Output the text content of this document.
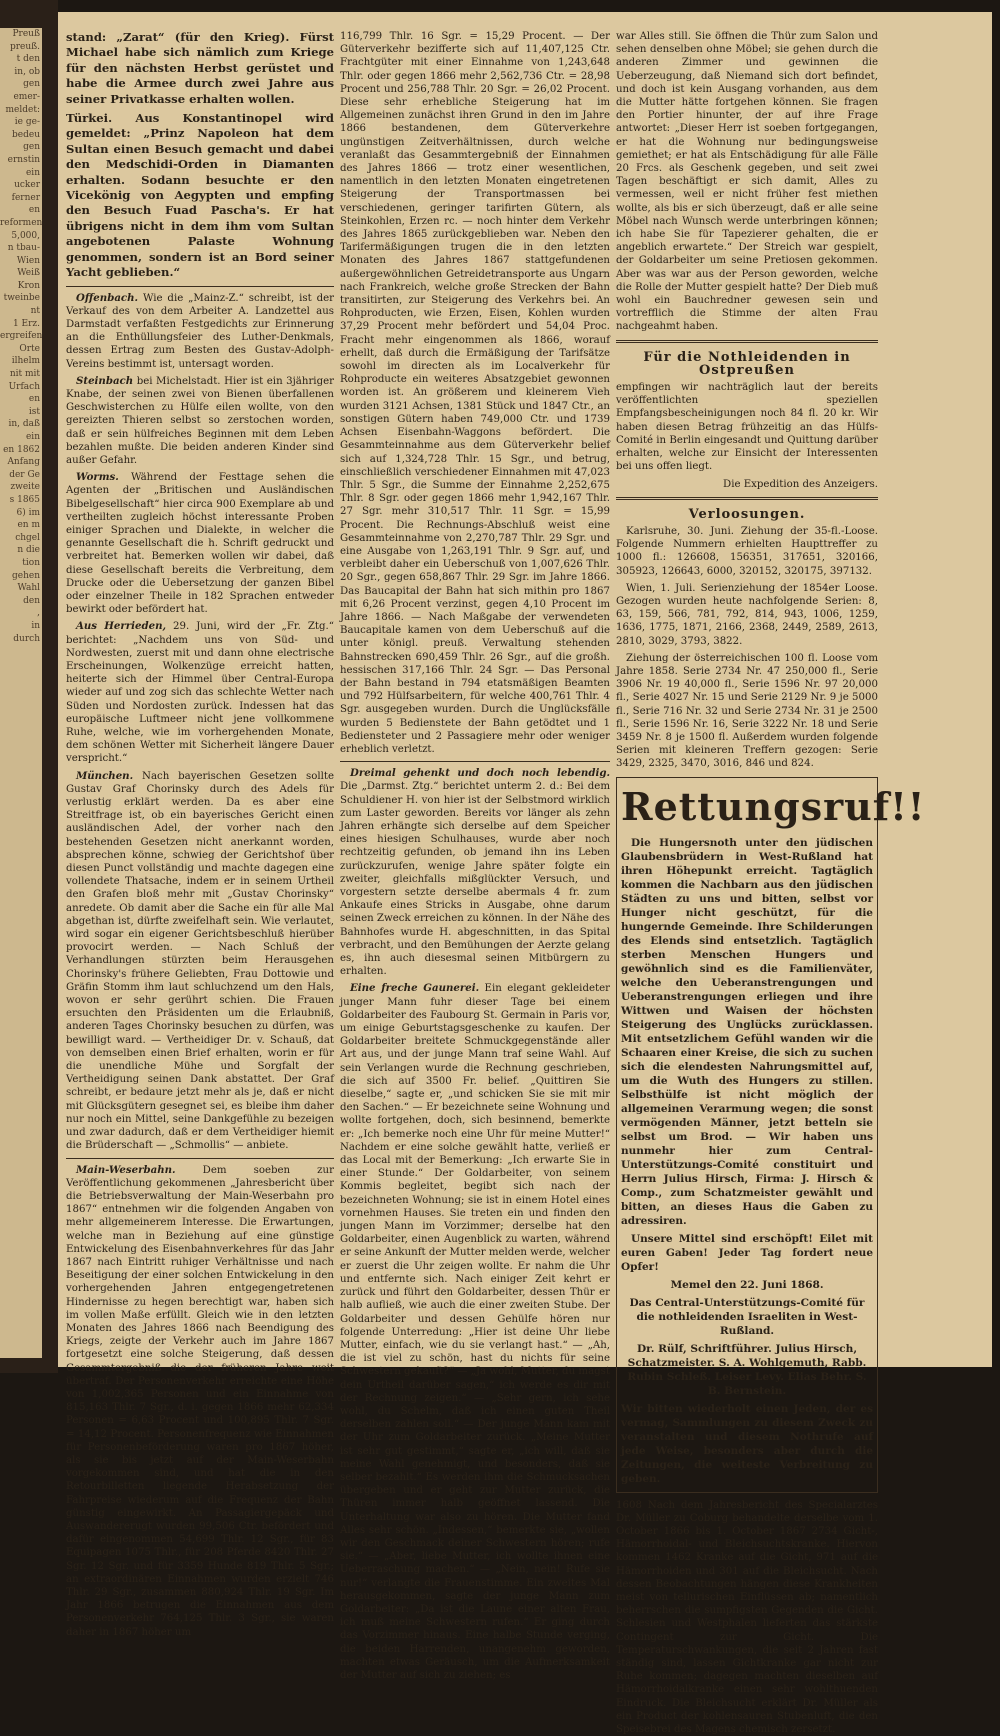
Preuß
preuß.
t den
in, ob
gen
emer-
meldet:
ie ge-
bedeu
gen
ernstin
ein
ucker
ferner
en
reformen
5,000,
n tbau-
Wien
Weiß
Kron
tweinbe
nt
1 Erz.
ergreifen
Orte
ilhelm
nit mit
Urfach
en
ist
in, daß
ein
en 1862
Anfang
der Ge
zweite
s 1865
6) im
en m
chgel
n die
tion
gehen
Wahl
den
,
in
durch

stand: „Zarat“ (für den Krieg). Fürst Michael habe sich nämlich zum Kriege für den nächsten Herbst gerüstet und habe die Armee durch zwei Jahre aus seiner Privatkasse erhalten wollen.

Türkei. Aus Konstantinopel wird gemeldet: „Prinz Napoleon hat dem Sultan einen Besuch gemacht und dabei den Medschidi-Orden in Diamanten erhalten. Sodann besuchte er den Vicekönig von Aegypten und empfing den Besuch Fuad Pascha's. Er hat übrigens nicht in dem ihm vom Sultan angebotenen Palaste Wohnung genommen, sondern ist an Bord seiner Yacht geblieben.“

Offenbach. Wie die „Mainz-Z.“ schreibt, ist der Verkauf des von dem Arbeiter A. Landzettel aus Darmstadt verfaßten Festgedichts zur Erinnerung an die Enthüllungsfeier des Luther-Denkmals, dessen Ertrag zum Besten des Gustav-Adolph-Vereins bestimmt ist, untersagt worden.

Steinbach bei Michelstadt. Hier ist ein 3jähriger Knabe, der seinen zwei von Bienen überfallenen Geschwisterchen zu Hülfe eilen wollte, von den gereizten Thieren selbst so zerstochen worden, daß er sein hülfreiches Beginnen mit dem Leben bezahlen mußte. Die beiden anderen Kinder sind außer Gefahr.

Worms. Während der Festtage sehen die Agenten der „Britischen und Ausländischen Bibelgesellschaft“ hier circa 900 Exemplare ab und vertheilten zugleich höchst interessante Proben einiger Sprachen und Dialekte, in welcher die genannte Gesellschaft die h. Schrift gedruckt und verbreitet hat. Bemerken wollen wir dabei, daß diese Gesellschaft bereits die Verbreitung, dem Drucke oder die Uebersetzung der ganzen Bibel oder einzelner Theile in 182 Sprachen entweder bewirkt oder befördert hat.

Aus Herrieden, 29. Juni, wird der „Fr. Ztg.“ berichtet: „Nachdem uns von Süd- und Nordwesten, zuerst mit und dann ohne electrische Erscheinungen, Wolkenzüge erreicht hatten, heiterte sich der Himmel über Central-Europa wieder auf und zog sich das schlechte Wetter nach Süden und Nordosten zurück. Indessen hat das europäische Luftmeer nicht jene vollkommene Ruhe, welche, wie im vorhergehenden Monate, dem schönen Wetter mit Sicherheit längere Dauer verspricht.“

München. Nach bayerischen Gesetzen sollte Gustav Graf Chorinsky durch des Adels für verlustig erklärt werden. Da es aber eine Streitfrage ist, ob ein bayerisches Gericht einen ausländischen Adel, der vorher nach den bestehenden Gesetzen nicht anerkannt worden, absprechen könne, schwieg der Gerichtshof über diesen Punct vollständig und machte dagegen eine vollendete Thatsache, indem er in seinem Urtheil den Grafen bloß mehr mit „Gustav Chorinsky“ anredete. Ob damit aber die Sache ein für alle Mal abgethan ist, dürfte zweifelhaft sein. Wie verlautet, wird sogar ein eigener Gerichtsbeschluß hierüber provocirt werden. — Nach Schluß der Verhandlungen stürzten beim Herausgehen Chorinsky's frühere Geliebten, Frau Dottowie und Gräfin Stomm ihm laut schluchzend um den Hals, wovon er sehr gerührt schien. Die Frauen ersuchten den Präsidenten um die Erlaubniß, anderen Tages Chorinsky besuchen zu dürfen, was bewilligt ward. — Vertheidiger Dr. v. Schauß, dat von demselben einen Brief erhalten, worin er für die unendliche Mühe und Sorgfalt der Vertheidigung seinen Dank abstattet. Der Graf schreibt, er bedaure jetzt mehr als je, daß er nicht mit Glücksgütern gesegnet sei, es bleibe ihm daher nur noch ein Mittel, seine Dankgefühle zu bezeigen und zwar dadurch, daß er dem Vertheidiger hiemit die Brüderschaft — „Schmollis“ — anbiete.

Main-Weserbahn.	Dem soeben zur Veröffentlichung gekommenen „Jahresbericht über die Betriebsverwaltung der Main-Weserbahn pro 1867“ entnehmen wir die folgenden Angaben von mehr allgemeinerem Interesse. Die Erwartungen, welche man in Beziehung auf eine günstige Entwickelung des Eisenbahnverkehres für das Jahr 1867 nach Eintritt ruhiger Verhältnisse und nach Beseitigung der einer solchen Entwickelung in den vorhergehenden Jahren entgegengetretenen Hindernisse zu hegen berechtigt war, haben sich im vollen Maße erfüllt. Gleich wie in den letzten Monaten des Jahres 1866 nach Beendigung des Kriegs, zeigte der Verkehr auch im Jahre 1867 fortgesetzt eine solche Steigerung, daß dessen Gesammtergebniß die der früheren Jahre weit übertraf. Der Personenverkehr erreichte eine Höhe von 1,002,365 Personen und ein Einnahme von 815,163 Thlr. 7 Sgr., d. i. gegen 1866 mehr 62,334 Personen = 6,63 Procent und 100,895 Thlr. 7 Sgr. = 14,12 Procent. Personenfrequenz wie Einnahmen für Personenbeförderung waren pro 1867 höher, als sie bis jetzt auf der Main-Weserbahn vorgekommen sind, und hat die in den Retourbilletten liegende Herabsetzung der Fahrpreise wiederum auf die Frequenz der Bahn günstig eingewirkt. An Passagiergepäck und Auswandererugt wurden 99,506 Ctr. befördert und dafür eingenommen 54,699 Thlr. 12 Sgr., für 83 Equipagen 1075 Thlr., für 208 Pferde 8420 Thlr. 27 Sgr. 12 Sgr. und für 3359 Hunde 819 Thlr. 5 Sgr.; an extraordinären Einnahmen wurden erzielt 746 Thlr. 29 Sgr., zusammen 880,924 Thlr. 19 Sgr. Im Jahr 1866 betrugen die Einnahmen aus dem Personenverkehr 764,125 Thlr. 3 Sgr., sie waren daher in 1867 höher um

116,799 Thlr. 16 Sgr. = 15,29 Procent. — Der Güterverkehr bezifferte sich auf 11,407,125 Ctr. Frachtgüter mit einer Einnahme von 1,243,648 Thlr. oder gegen 1866 mehr 2,562,736 Ctr. = 28,98 Procent und 256,788 Thlr. 20 Sgr. = 26,02 Procent. Diese sehr erhebliche Steigerung hat im Allgemeinen zunächst ihren Grund in den im Jahre 1866 bestandenen, dem Güterverkehre ungünstigen Zeitverhältnissen, durch welche veranlaßt das Gesammtergebniß der Einnahmen des Jahres 1866 — trotz einer wesentlichen, namentlich in den letzten Monaten eingetretenen Steigerung der Transportmassen bei verschiedenen, geringer tarifirten Gütern, als Steinkohlen, Erzen rc. — noch hinter dem Verkehr des Jahres 1865 zurückgeblieben war. Neben den Tarifermäßigungen trugen die in den letzten Monaten des Jahres 1867 stattgefundenen außergewöhnlichen Getreidetransporte aus Ungarn nach Frankreich, welche große Strecken der Bahn transitirten, zur Steigerung des Verkehrs bei. An Rohproducten, wie Erzen, Eisen, Kohlen wurden 37,29 Procent mehr befördert und 54,04 Proc. Fracht mehr eingenommen als 1866, worauf erhellt, daß durch die Ermäßigung der Tarifsätze sowohl im directen als im Localverkehr für Rohproducte ein weiteres Absatzgebiet gewonnen worden ist. An größerem und kleinerem Vieh wurden 3121 Achsen, 1381 Stück und 1847 Ctr., an sonstigen Gütern haben 749,000 Ctr. und 1739 Achsen Eisenbahn-Waggons befördert. Die Gesammteinnahme aus dem Güterverkehr belief sich auf 1,324,728 Thlr. 15 Sgr., und betrug, einschließlich verschiedener Einnahmen mit 47,023 Thlr. 5 Sgr., die Summe der Einnahme 2,252,675 Thlr. 8 Sgr. oder gegen 1866 mehr 1,942,167 Thlr. 27 Sgr. mehr 310,517 Thlr. 11 Sgr. = 15,99 Procent. Die Rechnungs-Abschluß weist eine Gesammteinnahme von 2,270,787 Thlr. 29 Sgr. und eine Ausgabe von 1,263,191 Thlr. 9 Sgr. auf, und verbleibt daher ein Ueberschuß von 1,007,626 Thlr. 20 Sgr., gegen 658,867 Thlr. 29 Sgr. im Jahre 1866. Das Baucapital der Bahn hat sich mithin pro 1867 mit 6,26 Procent verzinst, gegen 4,10 Procent im Jahre 1866. — Nach Maßgabe der verwendeten Baucapitale kamen von dem Ueberschuß auf die unter königl. preuß. Verwaltung stehenden Bahnstrecken 690,459 Thlr. 26 Sgr., auf die großh. hessischen 317,166 Thlr. 24 Sgr. — Das Personal der Bahn bestand in 794 etatsmäßigen Beamten und 792 Hülfsarbeitern, für welche 400,761 Thlr. 4 Sgr. ausgegeben wurden. Durch die Unglücksfälle wurden 5 Bedienstete der Bahn getödtet und 1 Bediensteter und 2 Passagiere mehr oder weniger erheblich verletzt.

Dreimal gehenkt und doch noch lebendig. Die „Darmst. Ztg.“ berichtet unterm 2. d.: Bei dem Schuldiener H. von hier ist der Selbstmord wirklich zum Laster geworden. Bereits vor länger als zehn Jahren erhängte sich derselbe auf dem Speicher eines hiesigen Schulhauses, wurde aber noch rechtzeitig gefunden, ob jemand ihn ins Leben zurückzurufen, wenige Jahre später folgte ein zweiter, gleichfalls mißglückter Versuch, und vorgestern setzte derselbe abermals 4 fr. zum Ankaufe eines Stricks in Ausgabe, ohne darum seinen Zweck erreichen zu können. In der Nähe des Bahnhofes wurde H. abgeschnitten, in das Spital verbracht, und den Bemühungen der Aerzte gelang es, ihn auch diesesmal seinen Mitbürgern zu erhalten.

Eine freche Gaunerei. Ein elegant gekleideter junger Mann fuhr dieser Tage bei einem Goldarbeiter des Faubourg St. Germain in Paris vor, um einige Geburtstagsgeschenke zu kaufen. Der Goldarbeiter breitete Schmuckgegenstände aller Art aus, und der junge Mann traf seine Wahl. Auf sein Verlangen wurde die Rechnung geschrieben, die sich auf 3500 Fr. belief. „Quittiren Sie dieselbe,“ sagte er, „und schicken Sie sie mit mir den Sachen.“ — Er bezeichnete seine Wohnung und wollte fortgehen, doch, sich besinnend, bemerkte er: „Ich bemerke noch eine Uhr für meine Mutter!“ Nachdem er eine solche gewählt hatte, verließ er das Local mit der Bemerkung: „Ich erwarte Sie in einer Stunde.“ Der Goldarbeiter, von seinem Kommis begleitet, begibt sich nach der bezeichneten Wohnung; sie ist in einem Hotel eines vornehmen Hauses. Sie treten ein und finden den jungen Mann im Vorzimmer; derselbe hat den Goldarbeiter, einen Augenblick zu warten, während er seine Ankunft der Mutter melden werde, welcher er zuerst die Uhr zeigen wollte. Er nahm die Uhr und entfernte sich. Nach einiger Zeit kehrt er zurück und führt den Goldarbeiter, dessen Thür er halb aufließ, wie auch die einer zweiten Stube. Der Goldarbeiter und dessen Gehülfe hören nur folgende Unterredung: „Hier ist deine Uhr liebe Mutter, einfach, wie du sie verlangt hast.“ — „Ah, die ist viel zu schön, hast du nichts für seine Schwestern gekauft?“ — „Ja wohl, Mutter, du magst dein Urtheil darüber sagen,“ ich werde es dir mit der Rechnung zeigen.“ — „Sehr gern, ich sehe wohl, du Schelm, daß ich einen guten Theil derselben zahlen soll.“ — Der junge Mann kam mit der Uhr zum Goldarbeiter zurück. „Meine Mutter ist sehr gut gestimmt,“ sagte er, „ich will, daß sie meine Wahl genehmigt, und besonders, daß sie selber bezahlt.“ Es werden ihm die Schmucksachen übergeben und er geht zur Mutter zurück, die Thüren immer halb geöffnet lassend. Die Unterhaltung war also zu hören. Die Mutter fand Alles sehr schön. „Indessen,“ bemerkte sie, „wollen wir den Geschmack deiner Schwestern hören; rufe sie.“ — „Aber, liebe Mutter, ich wollte ihnen eine Ueberraschung machen.“ — „Nein, nein! Rufe sie nur!“ verlangte die Frauenstimme. Ein zweites Mal herausgekommen, sagte der junge Mann zum Goldarbeiter: „Da ist die Laune einer alten Frau, ich muß meine Schwestern rufen.“ Er ging durch das Vorzimmer hinaus. Eine halbe Stunde verging, die beiden Harrenden, unangenehm geworden, machten etwas Geräusch, um die Aufmerksamkeit der Mutter auf sich zu ziehen; es

war Alles still. Sie öffnen die Thür zum Salon und sehen denselben ohne Möbel; sie gehen durch die anderen Zimmer und gewinnen die Ueberzeugung, daß Niemand sich dort befindet, und doch ist kein Ausgang vorhanden, aus dem die Mutter hätte fortgehen können. Sie fragen den Portier hinunter, der auf ihre Frage antwortet: „Dieser Herr ist soeben fortgegangen, er hat die Wohnung nur bedingungsweise gemiethet; er hat als Entschädigung für alle Fälle 20 Frcs. als Geschenk gegeben, und seit zwei Tagen beschäftigt er sich damit, Alles zu vermessen, weil er nicht früher fest miethen wollte, als bis er sich überzeugt, daß er alle seine Möbel nach Wunsch werde unterbringen können; ich habe Sie für Tapezierer gehalten, die er angeblich erwartete.“ Der Streich war gespielt, der Goldarbeiter um seine Pretiosen gekommen. Aber was war aus der Person geworden, welche die Rolle der Mutter gespielt hatte? Der Dieb muß wohl ein Bauchredner gewesen sein und vortrefflich die Stimme der alten Frau nachgeahmt haben.

Für die Nothleidenden in Ostpreußen

empfingen wir nachträglich laut der bereits veröffentlichten speziellen Empfangsbescheinigungen noch 84 fl. 20 kr. Wir haben diesen Betrag frühzeitig an das Hülfs-Comité in Berlin eingesandt und Quittung darüber erhalten, welche zur Einsicht der Interessenten bei uns offen liegt.

Die Expedition des Anzeigers.

Verloosungen.

Karlsruhe, 30. Juni. Ziehung der 35-fl.-Loose. Folgende Nummern erhielten Haupttreffer zu 1000 fl.: 126608, 156351, 317651, 320166, 305923, 126643, 6000, 320152, 320175, 397132.

Wien, 1. Juli. Serienziehung der 1854er Loose. Gezogen wurden heute nachfolgende Serien: 8, 63, 159, 566, 781, 792, 814, 943, 1006, 1259, 1636, 1775, 1871, 2166, 2368, 2449, 2589, 2613, 2810, 3029, 3793, 3822.

Ziehung der österreichischen 100 fl. Loose vom Jahre 1858. Serie 2734 Nr. 47 250,000 fl., Serie 3906 Nr. 19 40,000 fl., Serie 1596 Nr. 97 20,000 fl., Serie 4027 Nr. 15 und Serie 2129 Nr. 9 je 5000 fl., Serie 716 Nr. 32 und Serie 2734 Nr. 31 je 2500 fl., Serie 1596 Nr. 16, Serie 3222 Nr. 18 und Serie 3459 Nr. 8 je 1500 fl. Außerdem wurden folgende Serien mit kleineren Treffern gezogen: Serie 3429, 2325, 3470, 3016, 846 und 824.

Rettungsruf!!

Die Hungersnoth unter den jüdischen Glaubensbrüdern in West-Rußland hat ihren Höhepunkt erreicht. Tagtäglich kommen die Nachbarn aus den jüdischen Städten zu uns und bitten, selbst vor Hunger nicht geschützt, für die hungernde Gemeinde. Ihre Schilderungen des Elends sind entsetzlich. Tagtäglich sterben Menschen Hungers und gewöhnlich sind es die Familienväter, welche den Ueberanstrengungen und Ueberanstrengungen erliegen und ihre Wittwen und Waisen der höchsten Steigerung des Unglücks zurücklassen. Mit entsetzlichem Gefühl wanden wir die Schaaren einer Kreise, die sich zu suchen sich die elendesten Nahrungsmittel auf, um die Wuth des Hungers zu stillen. Selbsthülfe ist nicht möglich der allgemeinen Verarmung wegen; die sonst vermögenden Männer, jetzt betteln sie selbst um Brod. — Wir haben uns nunmehr hier zum Central-Unterstützungs-Comité constituirt und Herrn Julius Hirsch, Firma: J. Hirsch & Comp., zum Schatzmeister gewählt und bitten, an dieses Haus die Gaben zu adressiren.

Unsere Mittel sind erschöpft! Eilet mit euren Gaben! Jeder Tag fordert neue Opfer!

Memel den 22. Juni 1868.
Das Central-Unterstützungs-Comité für die nothleidenden Israeliten in West-Rußland.
Dr. Rülf, Schriftführer. Julius Hirsch, Schatzmeister. S. A. Wohlgemuth, Rabb. Rubin Schleß. Leiser Levy. Elias Behr. S. B. Bernstein.

Wir bitten wiederholt einen Jeden, der es vermag, Sammlungen zu diesem Zweck zu veranstalten und diesem Nothrufe auf jede Weise, besonders aber durch die Zeitungen, die weiteste Verbreitung zu geben.

1608 Nach dem Jahresbericht des Specialarztes Dr. Müller zu Coburg behandelte derselbe vom 1. October 1866 bis 1. October 1867 2734 Gicht-, Hämorrhoidal- und Bleichsuchtskranke. Hiervon kommen 1462 Kranke auf die Gicht, 971 auf die Hämorrhoiden und 301 auf die Bleichsucht. Nach dessen Beobachtungen hängen diese Krankheiten meist von tellurischen Einflüssen ab; namentlich beherrschen die sumpfigsten Gegenden die Gicht. Schlesien und Westphalen lieferten das stärkste Contingent zur Gicht. Die Temperaturschwankungen, die seit 2 Jahren fast ständig sind, lassen Gichtkranke gar nicht zur Ruhe kommen; dagegen machten dieselben auf Hämorrhoidalkranke einen sehr wohlthuenden Eindruck. Die Bleichsucht erklärt Dr. Müller als ein Product der kohlensauren Stubenluft, die den Speisebrei des Magens chemisch zersetzt.
